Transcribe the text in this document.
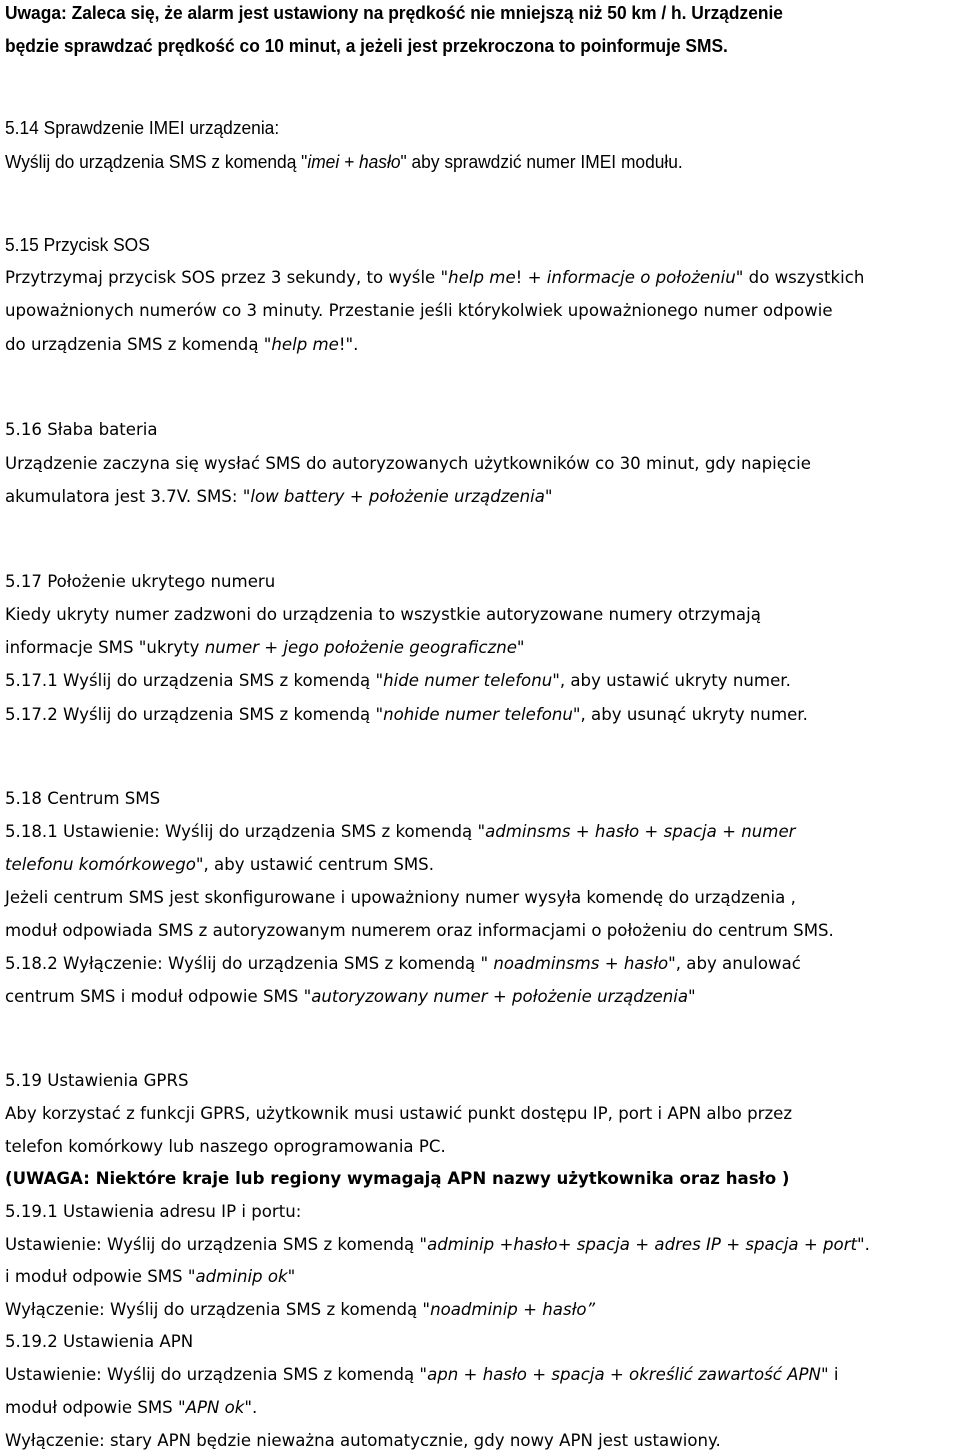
Uwaga: Zaleca się, że alarm jest ustawiony na prędkość nie mniejszą niż 50 km / h. Urządzenie
będzie sprawdzać prędkość co 10 minut, a jeżeli jest przekroczona to poinformuje SMS.
5.14 Sprawdzenie IMEI urządzenia:
Wyślij do urządzenia SMS z komendą "imei + hasło" aby sprawdzić numer IMEI modułu.
5.15 Przycisk SOS
Przytrzymaj przycisk SOS przez 3 sekundy, to wyśle "help me! + informacje o położeniu" do wszystkich
upoważnionych numerów co 3 minuty. Przestanie jeśli którykolwiek upoważnionego numer odpowie
do urządzenia SMS z komendą "help me!".
5.16 Słaba bateria
Urządzenie zaczyna się wysłać SMS do autoryzowanych użytkowników co 30 minut, gdy napięcie
akumulatora jest 3.7V. SMS: "low battery + położenie urządzenia"
5.17 Położenie ukrytego numeru
Kiedy ukryty numer zadzwoni do urządzenia to wszystkie autoryzowane numery otrzymają
informacje SMS "ukryty numer + jego położenie geograficzne"
5.17.1 Wyślij do urządzenia SMS z komendą "hide numer telefonu", aby ustawić ukryty numer.
5.17.2 Wyślij do urządzenia SMS z komendą "nohide numer telefonu", aby usunąć ukryty numer.
5.18 Centrum SMS
5.18.1 Ustawienie: Wyślij do urządzenia SMS z komendą "adminsms + hasło + spacja + numer
telefonu komórkowego", aby ustawić centrum SMS.
Jeżeli centrum SMS jest skonfigurowane i upoważniony numer wysyła komendę do urządzenia ,
moduł odpowiada SMS z autoryzowanym numerem oraz informacjami o położeniu do centrum SMS.
5.18.2 Wyłączenie: Wyślij do urządzenia SMS z komendą " noadminsms + hasło", aby anulować
centrum SMS i moduł odpowie SMS "autoryzowany numer + położenie urządzenia"
5.19 Ustawienia GPRS
Aby korzystać z funkcji GPRS, użytkownik musi ustawić punkt dostępu IP, port i APN albo przez
telefon komórkowy lub naszego oprogramowania PC.
(UWAGA: Niektóre kraje lub regiony wymagają APN nazwy użytkownika oraz hasło )
5.19.1 Ustawienia adresu IP i portu:
Ustawienie: Wyślij do urządzenia SMS z komendą "adminip +hasło+ spacja + adres IP + spacja + port".
i moduł odpowie SMS "adminip ok"
Wyłączenie: Wyślij do urządzenia SMS z komendą "noadminip + hasło”
5.19.2 Ustawienia APN
Ustawienie: Wyślij do urządzenia SMS z komendą "apn + hasło + spacja + określić zawartość APN" i
moduł odpowie SMS "APN ok".
Wyłączenie: stary APN będzie nieważna automatycznie, gdy nowy APN jest ustawiony.
